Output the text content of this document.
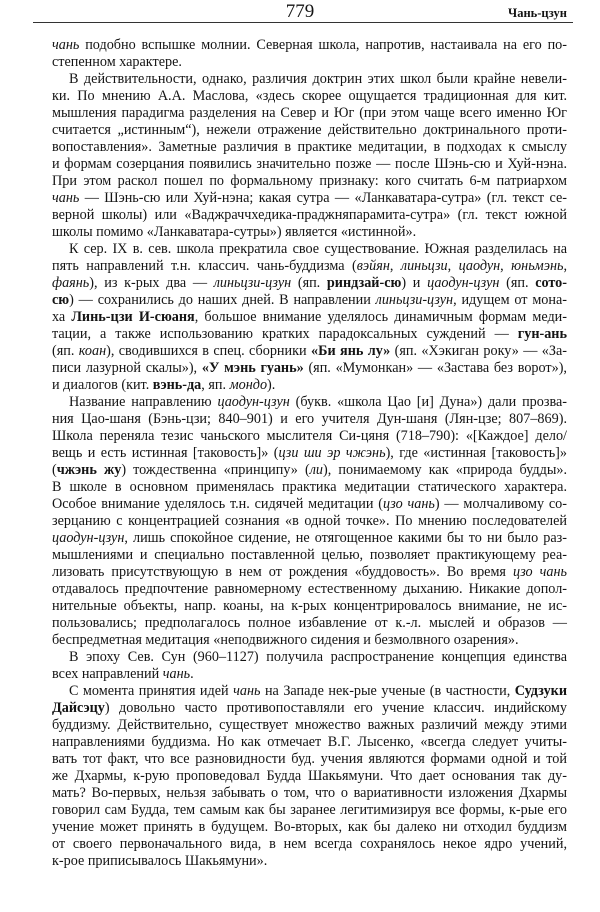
779	Чань-цзун
чань подобно вспышке молнии. Северная школа, напротив, настаивала на его по-
степенном характере.
В действительности, однако, различия доктрин этих школ были крайне невели-
ки. По мнению А.А. Маслова, «здесь скорее ощущается традиционная для кит.
мышления парадигма разделения на Север и Юг (при этом чаще всего именно Юг
считается „истинным“), нежели отражение действительно доктринального проти-
вопоставления». Заметные различия в практике медитации, в подходах к смыслу
и формам созерцания появились значительно позже — после Шэнь-сю и Хуй-нэна.
При этом раскол пошел по формальному признаку: кого считать 6-м патриархом
чань — Шэнь-сю или Хуй-нэна; какая сутра — «Ланкаватара-сутра» (гл. текст се-
верной школы) или «Ваджраччхедика-праджняпарамита-сутра» (гл. текст южной
школы помимо «Ланкаватара-сутры») является «истинной».
К сер. IX в. сев. школа прекратила свое существование. Южная разделилась на
пять направлений т.н. классич. чань-буддизма (вэйян, линьцзи, цаодун, юньмэнь,
фаянь), из к-рых два — линьцзи-цзун (яп. риндзай-сю) и цаодун-цзун (яп. сото-
сю) — сохранились до наших дней. В направлении линьцзи-цзун, идущем от мона-
ха Линь-цзи И-сюаня, большое внимание уделялось динамичным формам меди-
тации, а также использованию кратких парадоксальных суждений — гун-ань
(яп. коан), сводившихся в спец. сборники «Би янь лу» (яп. «Хэкиган року» — «За-
писи лазурной скалы»), «У мэнь гуань» (яп. «Мумонкан» — «Застава без ворот»),
и диалогов (кит. вэнь-да, яп. мондо).
Название направлению цаодун-цзун (букв. «школа Цао [и] Дуна») дали прозва-
ния Цао-шаня (Бэнь-цзи; 840–901) и его учителя Дун-шаня (Лян-цзе; 807–869).
Школа переняла тезис чаньского мыслителя Си-цяня (718–790): «[Каждое] дело/
вещь и есть истинная [таковость]» (цзи ши эр чжэнь), где «истинная [таковость]»
(чжэнь жу) тождественна «принципу» (ли), понимаемому как «природа будды».
В школе в основном применялась практика медитации статического характера.
Особое внимание уделялось т.н. сидячей медитации (цзо чань) — молчаливому со-
зерцанию с концентрацией сознания «в одной точке». По мнению последователей
цаодун-цзун, лишь спокойное сидение, не отягощенное какими бы то ни было раз-
мышлениями и специально поставленной целью, позволяет практикующему реа-
лизовать присутствующую в нем от рождения «буддовость». Во время цзо чань
отдавалось предпочтение равномерному естественному дыханию. Никакие допол-
нительные объекты, напр. коаны, на к-рых концентрировалось внимание, не ис-
пользовались; предполагалось полное избавление от к.-л. мыслей и образов —
беспредметная медитация «неподвижного сидения и безмолвного озарения».
В эпоху Сев. Сун (960–1127) получила распространение концепция единства
всех направлений чань.
С момента принятия идей чань на Западе нек-рые ученые (в частности, Судзуки
Дайсэцу) довольно часто противопоставляли его учение классич. индийскому
буддизму. Действительно, существует множество важных различий между этими
направлениями буддизма. Но как отмечает В.Г. Лысенко, «всегда следует учиты-
вать тот факт, что все разновидности буд. учения являются формами одной и той
же Дхармы, к-рую проповедовал Будда Шакьямуни. Что дает основания так ду-
мать? Во-первых, нельзя забывать о том, что о вариативности изложения Дхармы
говорил сам Будда, тем самым как бы заранее легитимизируя все формы, к-рые его
учение может принять в будущем. Во-вторых, как бы далеко ни отходил буддизм
от своего первоначального вида, в нем всегда сохранялось некое ядро учений,
к-рое приписывалось Шакьямуни».
